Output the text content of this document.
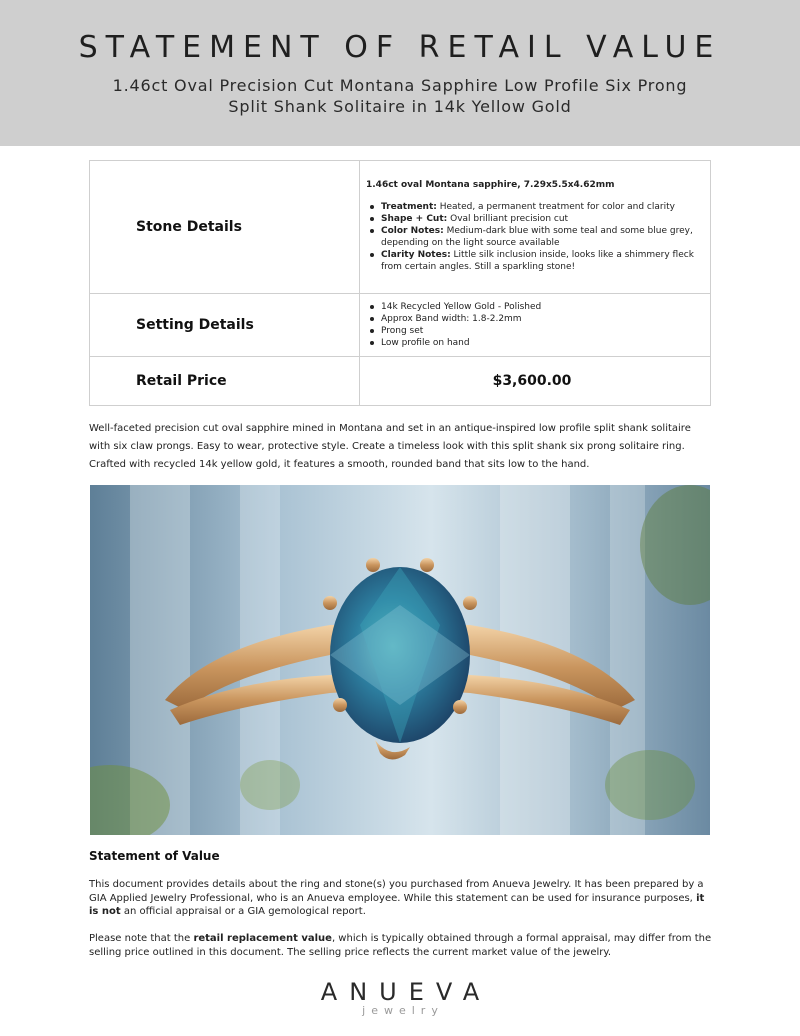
STATEMENT OF RETAIL VALUE
1.46ct Oval Precision Cut Montana Sapphire Low Profile Six Prong Split Shank Solitaire in 14k Yellow Gold
Stone Details
1.46ct oval Montana sapphire, 7.29x5.5x4.62mm
Treatment: Heated, a permanent treatment for color and clarity
Shape + Cut: Oval brilliant precision cut
Color Notes: Medium-dark blue with some teal and some blue grey, depending on the light source available
Clarity Notes: Little silk inclusion inside, looks like a shimmery fleck from certain angles. Still a sparkling stone!
Setting Details
14k Recycled Yellow Gold - Polished
Approx Band width: 1.8-2.2mm
Prong set
Low profile on hand
Retail Price	$3,600.00
Well-faceted precision cut oval sapphire mined in Montana and set in an antique-inspired low profile split shank solitaire with six claw prongs. Easy to wear, protective style. Create a timeless look with this split shank six prong solitaire ring. Crafted with recycled 14k yellow gold, it features a smooth, rounded band that sits low to the hand.
Statement of Value
This document provides details about the ring and stone(s) you purchased from Anueva Jewelry. It has been prepared by a GIA Applied Jewelry Professional, who is an Anueva employee. While this statement can be used for insurance purposes, it is not an official appraisal or a GIA gemological report.
Please note that the retail replacement value, which is typically obtained through a formal appraisal, may differ from the selling price outlined in this document. The selling price reflects the current market value of the jewelry.
ANUEVA
jewelry
